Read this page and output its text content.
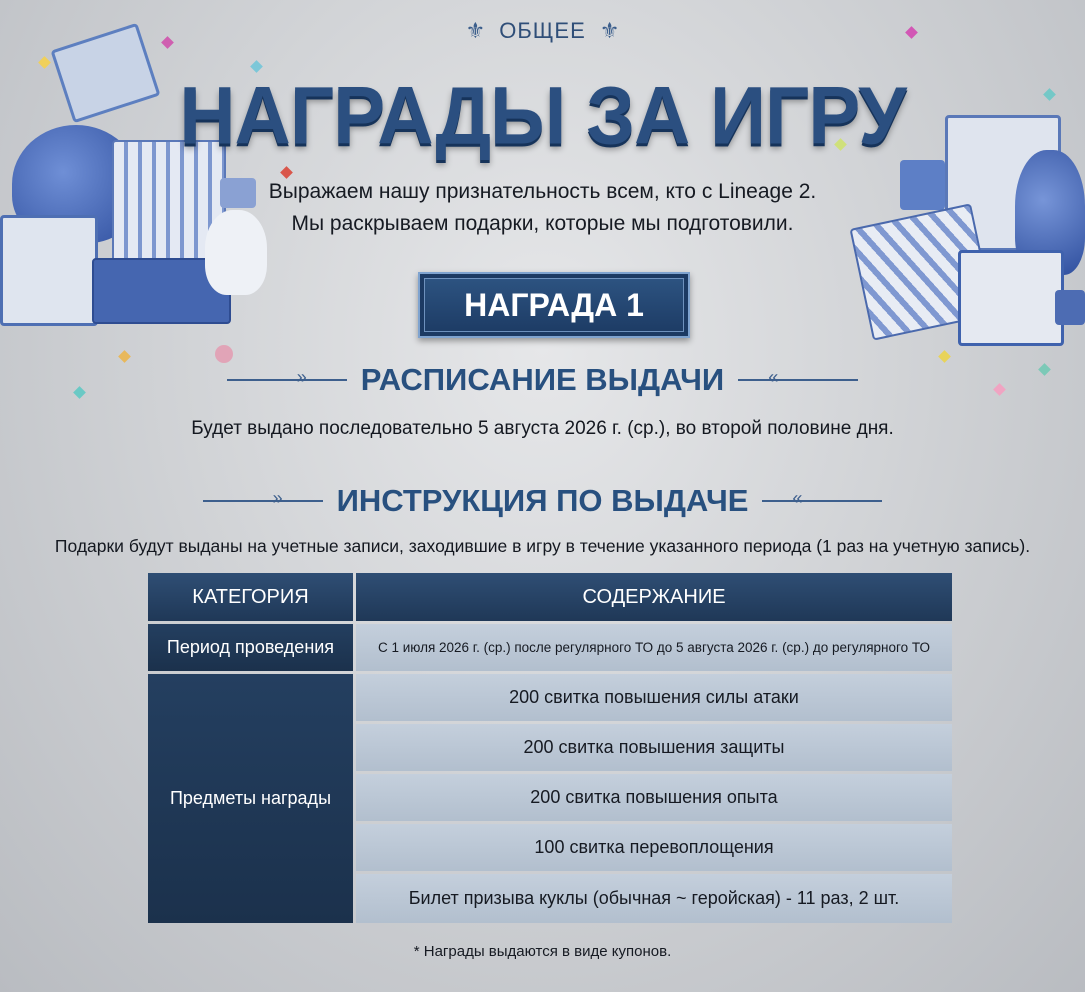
⚜ ОБЩЕЕ ⚜
НАГРАДЫ ЗА ИГРУ
Выражаем нашу признательность всем, кто с Lineage 2.
Мы раскрываем подарки, которые мы подготовили.
НАГРАДА 1
»
РАСПИСАНИЕ ВЫДАЧИ
«
Будет выдано последовательно 5 августа 2026 г. (ср.), во второй половине дня.
»
ИНСТРУКЦИЯ ПО ВЫДАЧЕ
«
Подарки будут выданы на учетные записи, заходившие в игру в течение указанного периода (1 раз на учетную запись).
КАТЕГОРИЯ	СОДЕРЖАНИЕ
Период проведения	С 1 июля 2026 г. (ср.) после регулярного ТО до 5 августа 2026 г. (ср.) до регулярного ТО
Предметы награды
200 свитка повышения силы атаки
200 свитка повышения защиты
200 свитка повышения опыта
100 свитка перевоплощения
Билет призыва куклы (обычная ~ геройская) - 11 раз, 2 шт.
* Награды выдаются в виде купонов.
